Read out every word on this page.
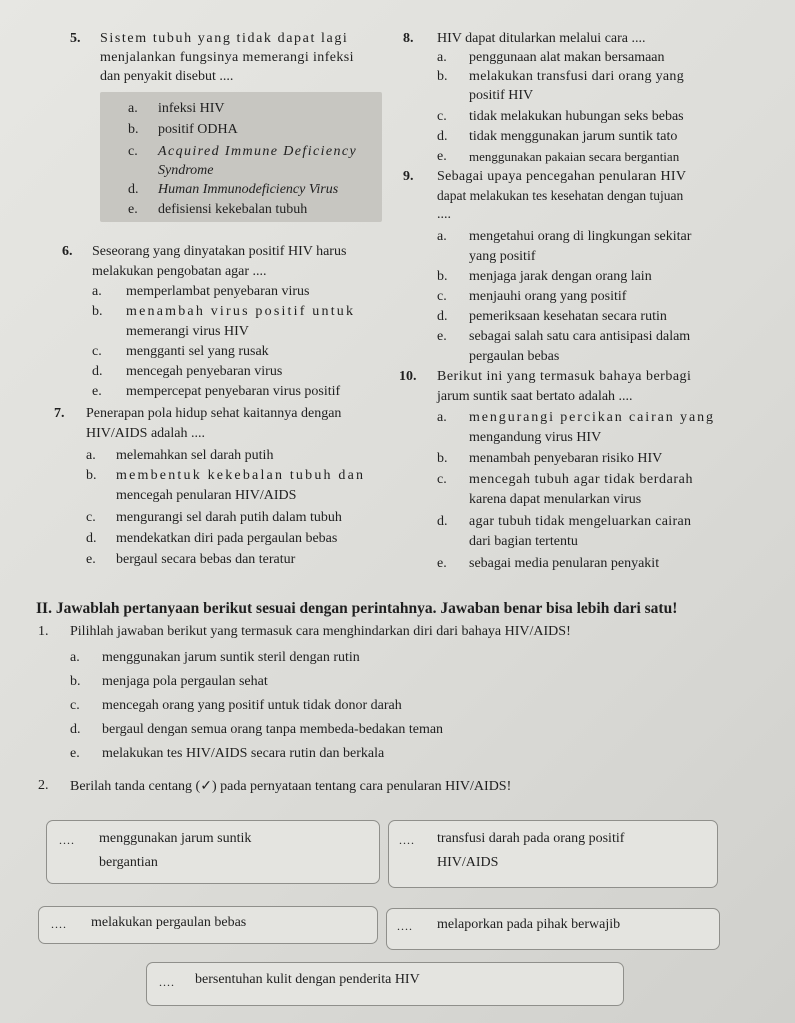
5. Sistem tubuh yang tidak dapat lagi
menjalankan fungsinya memerangi infeksi
dan penyakit disebut ....
a. infeksi HIV
b. positif ODHA
c. Acquired Immune Deficiency
Syndrome
d. Human Immunodeficiency Virus
e. defisiensi kekebalan tubuh
6. Seseorang yang dinyatakan positif HIV harus
melakukan pengobatan agar ....
a. memperlambat penyebaran virus
b. menambah virus positif untuk
memerangi virus HIV
c. mengganti sel yang rusak
d. mencegah penyebaran virus
e. mempercepat penyebaran virus positif
7. Penerapan pola hidup sehat kaitannya dengan
HIV/AIDS adalah ....
a. melemahkan sel darah putih
b. membentuk kekebalan tubuh dan
mencegah penularan HIV/AIDS
c. mengurangi sel darah putih dalam tubuh
d. mendekatkan diri pada pergaulan bebas
e. bergaul secara bebas dan teratur
8. HIV dapat ditularkan melalui cara ....
a. penggunaan alat makan bersamaan
b. melakukan transfusi dari orang yang
positif HIV
c. tidak melakukan hubungan seks bebas
d. tidak menggunakan jarum suntik tato
e. menggunakan pakaian secara bergantian
9. Sebagai upaya pencegahan penularan HIV
dapat melakukan tes kesehatan dengan tujuan
....
a. mengetahui orang di lingkungan sekitar
yang positif
b. menjaga jarak dengan orang lain
c. menjauhi orang yang positif
d. pemeriksaan kesehatan secara rutin
e. sebagai salah satu cara antisipasi dalam
pergaulan bebas
10. Berikut ini yang termasuk bahaya berbagi
jarum suntik saat bertato adalah ....
a. mengurangi percikan cairan yang
mengandung virus HIV
b. menambah penyebaran risiko HIV
c. mencegah tubuh agar tidak berdarah
karena dapat menularkan virus
d. agar tubuh tidak mengeluarkan cairan
dari bagian tertentu
e. sebagai media penularan penyakit
II. Jawablah pertanyaan berikut sesuai dengan perintahnya. Jawaban benar bisa lebih dari satu!
1. Pilihlah jawaban berikut yang termasuk cara menghindarkan diri dari bahaya HIV/AIDS!
a. menggunakan jarum suntik steril dengan rutin
b. menjaga pola pergaulan sehat
c. mencegah orang yang positif untuk tidak donor darah
d. bergaul dengan semua orang tanpa membeda-bedakan teman
e. melakukan tes HIV/AIDS secara rutin dan berkala
2. Berilah tanda centang (✓) pada pernyataan tentang cara penularan HIV/AIDS!
.... menggunakan jarum suntik
bergantian
.... transfusi darah pada orang positif
HIV/AIDS
.... melakukan pergaulan bebas	.... melaporkan pada pihak berwajib
.... bersentuhan kulit dengan penderita HIV
